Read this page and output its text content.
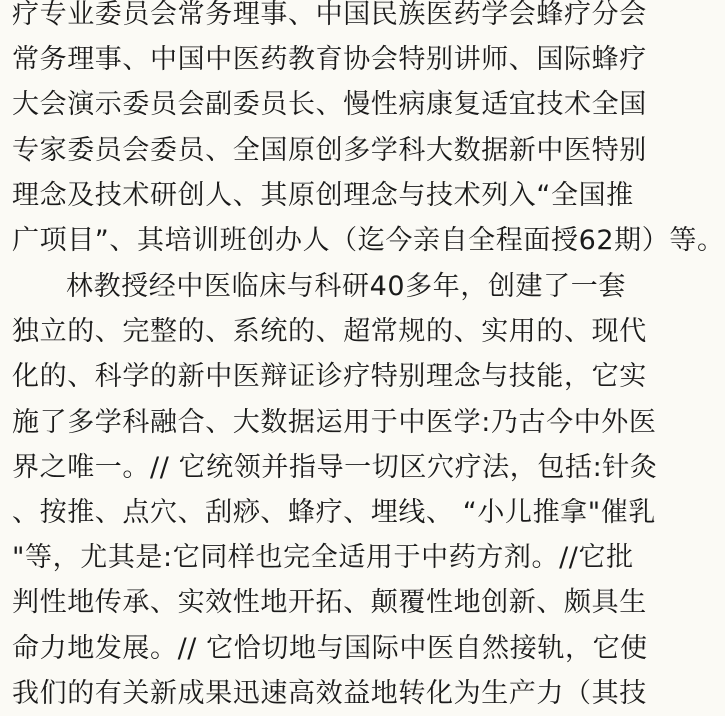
疗专业委员会常务理事、中国民族医药学会蜂疗分会
常务理事、中国中医药教育协会特别讲师、国际蜂疗
大会演示委员会副委员长、慢性病康复适宜技术全国
专家委员会委员、全国原创多学科大数据新中医特别
理念及技术研创人、其原创理念与技术列入“全国推
广项目”、其培训班创办人（迄今亲自全程面授62期）等。
林教授经中医临床与科研40多年，创建了一套
独立的、完整的、系统的、超常规的、实用的、现代
化的、科学的新中医辩证诊疗特别理念与技能，它实
施了多学科融合、大数据运用于中医学:乃古今中外医
界之唯一。// 它统领并指导一切区穴疗法，包括:针灸
、按推、点穴、刮痧、蜂疗、埋线、 “小儿推拿"催乳
"等，尤其是:它同样也完全适用于中药方剂。//它批
判性地传承、实效性地开拓、颠覆性地创新、颇具生
命力地发展。// 它恰切地与国际中医自然接轨，它使
我们的有关新成果迅速高效益地转化为生产力（其技
